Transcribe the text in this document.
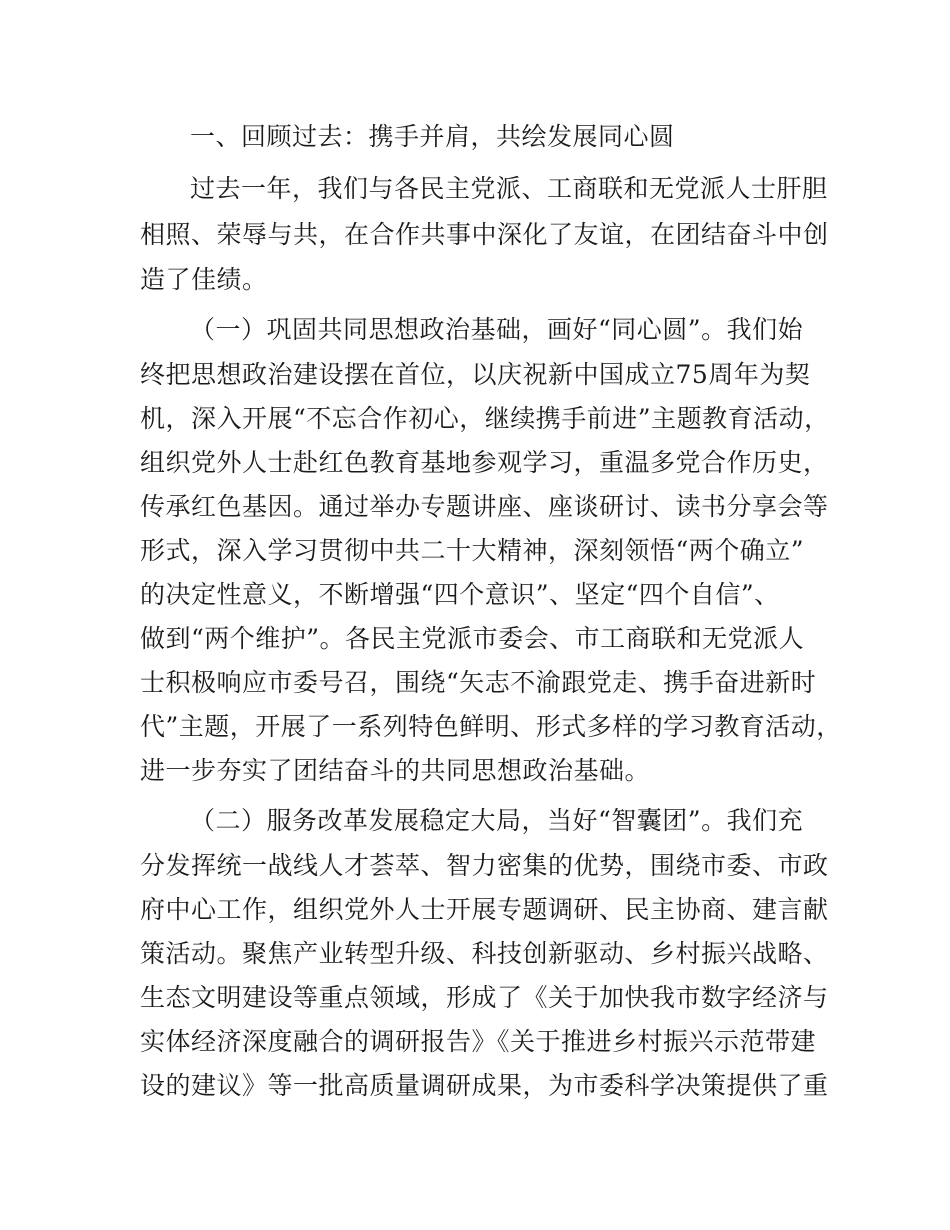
一、回顾过去：携手并肩，共绘发展同心圆
过去一年，我们与各民主党派、工商联和无党派人士肝胆
相照、荣辱与共，在合作共事中深化了友谊，在团结奋斗中创
造了佳绩。
（一）巩固共同思想政治基础，画好“同心圆”。我们始
终把思想政治建设摆在首位，以庆祝新中国成立75周年为契
机，深入开展“不忘合作初心，继续携手前进”主题教育活动，
组织党外人士赴红色教育基地参观学习，重温多党合作历史，
传承红色基因。通过举办专题讲座、座谈研讨、读书分享会等
形式，深入学习贯彻中共二十大精神，深刻领悟“两个确立”
的决定性意义，不断增强“四个意识”、坚定“四个自信”、
做到“两个维护”。各民主党派市委会、市工商联和无党派人
士积极响应市委号召，围绕“矢志不渝跟党走、携手奋进新时
代”主题，开展了一系列特色鲜明、形式多样的学习教育活动，
进一步夯实了团结奋斗的共同思想政治基础。
（二）服务改革发展稳定大局，当好“智囊团”。我们充
分发挥统一战线人才荟萃、智力密集的优势，围绕市委、市政
府中心工作，组织党外人士开展专题调研、民主协商、建言献
策活动。聚焦产业转型升级、科技创新驱动、乡村振兴战略、
生态文明建设等重点领域，形成了《关于加快我市数字经济与
实体经济深度融合的调研报告》《关于推进乡村振兴示范带建
设的建议》等一批高质量调研成果，为市委科学决策提供了重
